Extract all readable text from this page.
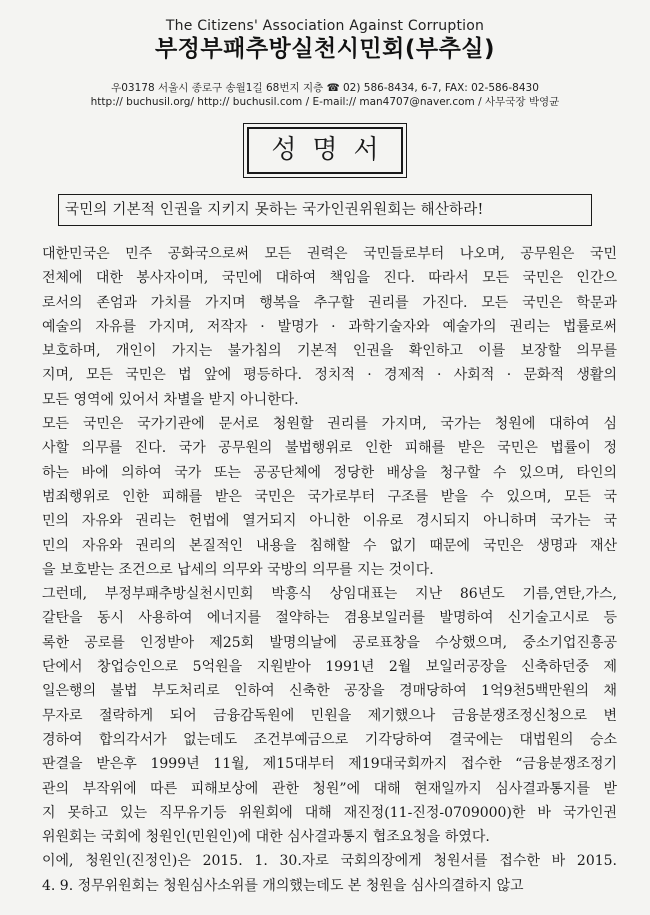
The Citizens' Association Against Corruption
부정부패추방실천시민회(부추실)
우03178 서울시 종로구 송월1길 68번지 지층 ☎ 02) 586-8434, 6-7, FAX: 02-586-8430
http:// buchusil.org/ http:// buchusil.com / E-mail:// man4707@naver.com / 사무국장 박영균
성명서
국민의 기본적 인권을 지키지 못하는 국가인권위원회는 해산하라!
대한민국은 민주 공화국으로써 모든 권력은 국민들로부터 나오며, 공무원은 국민
전체에 대한 봉사자이며, 국민에 대하여 책임을 진다. 따라서 모든 국민은 인간으
로서의 존엄과 가치를 가지며 행복을 추구할 권리를 가진다. 모든 국민은 학문과
예술의 자유를 가지며, 저작자 · 발명가 · 과학기술자와 예술가의 권리는 법률로써
보호하며, 개인이 가지는 불가침의 기본적 인권을 확인하고 이를 보장할 의무를
지며, 모든 국민은 법 앞에 평등하다. 정치적 · 경제적 · 사회적 · 문화적 생활의
모든 영역에 있어서 차별을 받지 아니한다.
모든 국민은 국가기관에 문서로 청원할 권리를 가지며, 국가는 청원에 대하여 심
사할 의무를 진다. 국가 공무원의 불법행위로 인한 피해를 받은 국민은 법률이 정
하는 바에 의하여 국가 또는 공공단체에 정당한 배상을 청구할 수 있으며, 타인의
범죄행위로 인한 피해를 받은 국민은 국가로부터 구조를 받을 수 있으며, 모든 국
민의 자유와 권리는 헌법에 열거되지 아니한 이유로 경시되지 아니하며 국가는 국
민의 자유와 권리의 본질적인 내용을 침해할 수 없기 때문에 국민은 생명과 재산
을 보호받는 조건으로 납세의 의무와 국방의 의무를 지는 것이다.
그런데, 부정부패추방실천시민회 박흥식 상임대표는 지난 86년도 기름,연탄,가스,
갈탄을 동시 사용하여 에너지를 절약하는 겸용보일러를 발명하여 신기술고시로 등
록한 공로를 인정받아 제25회 발명의날에 공로표창을 수상했으며, 중소기업진흥공
단에서 창업승인으로 5억원을 지원받아 1991년 2월 보일러공장을 신축하던중 제
일은행의 불법 부도처리로 인하여 신축한 공장을 경매당하여 1억9천5백만원의 채
무자로 절락하게 되어 금융감독원에 민원을 제기했으나 금융분쟁조정신청으로 변
경하여 합의각서가 없는데도 조건부예금으로 기각당하여 결국에는 대법원의 승소
판결을 받은후 1999년 11월, 제15대부터 제19대국회까지 접수한 “금융분쟁조정기
관의 부작위에 따른 피해보상에 관한 청원”에 대해 현재일까지 심사결과통지를 받
지 못하고 있는 직무유기등 위원회에 대해 재진정(11-진정-0709000)한 바 국가인권
위원회는 국회에 청원인(민원인)에 대한 심사결과통지 협조요청을 하였다.
이에, 청원인(진정인)은 2015. 1. 30.자로 국회의장에게 청원서를 접수한 바 2015.
4. 9. 정무위원회는 청원심사소위를 개의했는데도 본 청원을 심사의결하지 않고
